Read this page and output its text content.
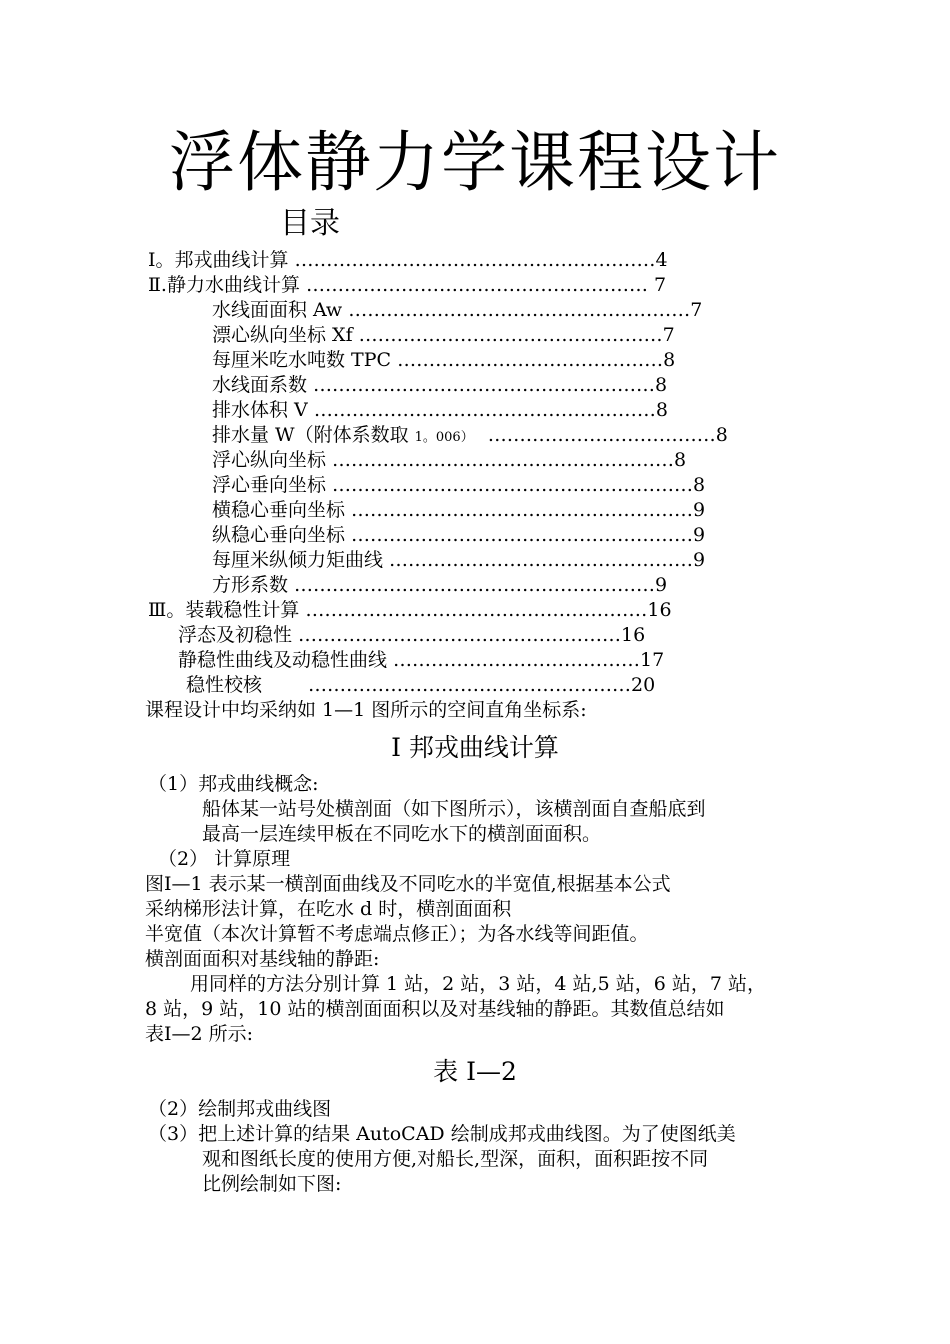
浮体静力学课程设计
目录
Ⅰ。邦戎曲线计算 …………………………………………………4
Ⅱ.静力水曲线计算 ……………………………………………… 7
水线面面积 Aw ………………………………………………7
漂心纵向坐标 Xf …………………………………………7
每厘米吃水吨数 TPC ……………………………………8
水线面系数 ………………………………………………8
排水体积 V ………………………………………………8
排水量 W（附体系数取 1。006） ………………………………8
浮心纵向坐标 ………………………………………………8
浮心垂向坐标 …………………………………………………8
横稳心垂向坐标 ………………………………………………9
纵稳心垂向坐标 ………………………………………………9
每厘米纵倾力矩曲线 …………………………………………9
方形系数 …………………………………………………9
Ⅲ。装载稳性计算 ………………………………………………16
浮态及初稳性 ……………………………………………16
静稳性曲线及动稳性曲线 …………………………………17
稳性校核 ……………………………………………20
课程设计中均采纳如 1—1 图所示的空间直角坐标系:
Ⅰ 邦戎曲线计算
（1）邦戎曲线概念:
船体某一站号处横剖面（如下图所示），该横剖面自查船底到
最高一层连续甲板在不同吃水下的横剖面面积。
（2） 计算原理
图Ⅰ—1 表示某一横剖面曲线及不同吃水的半宽值,根据基本公式
采纳梯形法计算，在吃水 d 时，横剖面面积
半宽值（本次计算暂不考虑端点修正）；为各水线等间距值。
横剖面面积对基线轴的静距:
用同样的方法分别计算 1 站，2 站，3 站，4 站,5 站，6 站，7 站，
8 站，9 站，10 站的横剖面面积以及对基线轴的静距。其数值总结如
表Ⅰ—2 所示:
表 Ⅰ—2
（2）绘制邦戎曲线图
（3）把上述计算的结果 AutoCAD 绘制成邦戎曲线图。为了使图纸美
观和图纸长度的使用方便,对船长,型深，面积，面积距按不同
比例绘制如下图:
